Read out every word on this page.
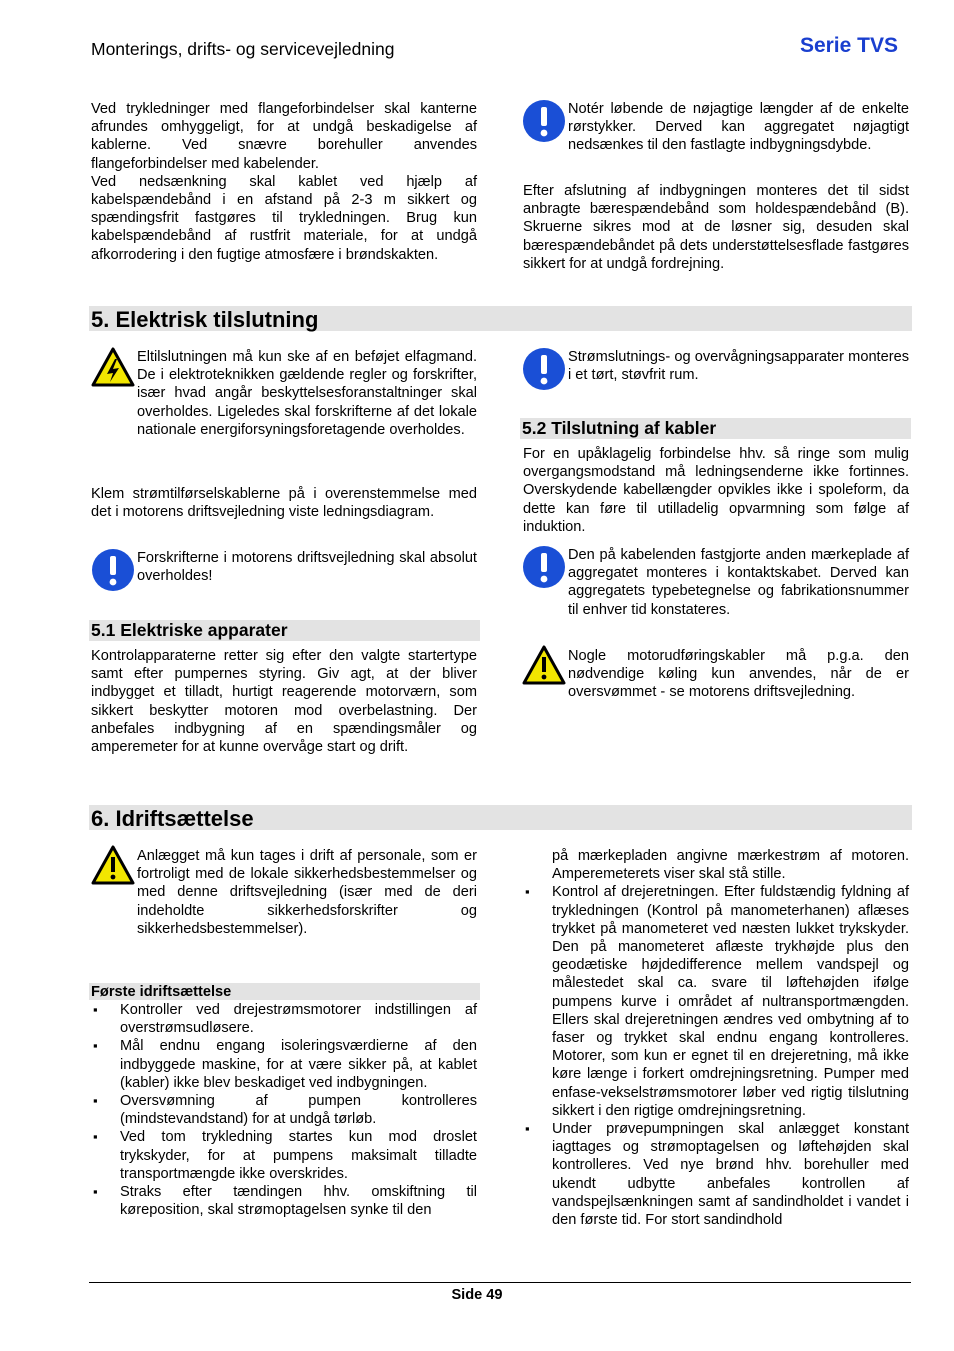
Monterings, drifts- og servicevejledning	Serie TVS

Ved trykledninger med flangeforbindelser skal kanterne afrundes omhyggeligt, for at undgå beskadigelse af kablerne. Ved snævre borehuller anvendes flangeforbindelser med kabelender.

Ved nedsænkning skal kablet ved hjælp af kabelspændebånd i en afstand på 2-3 m sikkert og spændingsfrit fastgøres til trykledningen. Brug kun kabelspændebånd af rustfrit materiale, for at undgå afkorrodering i den fugtige atmosfære i brøndskakten.

Notér løbende de nøjagtige længder af de enkelte rørstykker. Derved kan aggregatet nøjagtigt nedsænkes til den fastlagte indbygningsdybde.

Efter afslutning af indbygningen monteres det til sidst anbragte bærespændebånd som holdespændebånd (B). Skruerne sikres mod at de løsner sig, desuden skal bærespændebåndet på dets understøttelsesflade fastgøres sikkert for at undgå fordrejning.

5. Elektrisk tilslutning

Eltilslutningen må kun ske af en beføjet elfagmand. De i elektroteknikken gældende regler og forskrifter, især hvad angår beskyttelsesforanstaltninger skal overholdes. Ligeledes skal forskrifterne af det lokale nationale energiforsyningsforetagende overholdes.

Klem strømtilførselskablerne på i overenstemmelse med det i motorens driftsvejledning viste ledningsdiagram.

Forskrifterne i motorens driftsvejledning skal absolut overholdes!

5.1 Elektriske apparater

Kontrolapparaterne retter sig efter den valgte startertype samt efter pumpernes styring. Giv agt, at der bliver indbygget et tilladt, hurtigt reagerende motorværn, som sikkert beskytter motoren mod overbelastning. Der anbefales indbygning af en spændingsmåler og amperemeter for at kunne overvåge start og drift.

Strømslutnings- og overvågningsapparater monteres i et tørt, støvfrit rum.

5.2 Tilslutning af kabler

For en upåklagelig forbindelse hhv. så ringe som mulig overgangsmodstand må ledningsenderne ikke fortinnes. Overskydende kabellængder opvikles ikke i spoleform, da dette kan føre til utilladelig opvarmning som følge af induktion.

Den på kabelenden fastgjorte anden mærkeplade af aggregatet monteres i kontaktskabet. Derved kan aggregatets typebetegnelse og fabrikationsnummer til enhver tid konstateres.

Nogle motorudføringskabler må p.g.a. den nødvendige køling kun anvendes, når de er oversvømmet - se motorens driftsvejledning.

6. Idriftsættelse

Anlægget må kun tages i drift af personale, som er fortroligt med de lokale sikkerhedsbestemmelser og med denne driftsvejledning (især med de deri indeholdte sikkerhedsforskrifter og sikkerhedsbestemmelser).

Første idriftsættelse
▪ Kontroller ved drejestrømsmotorer indstillingen af overstrømsudløsere.
▪ Mål endnu engang isoleringsværdierne af den indbyggede maskine, for at være sikker på, at kablet (kabler) ikke blev beskadiget ved indbygningen.
▪ Oversvømning af pumpen kontrolleres (mindstevandstand) for at undgå tørløb.
▪ Ved tom trykledning startes kun mod droslet trykskyder, for at pumpens maksimalt tilladte transportmængde ikke overskrides.
▪ Straks efter tændingen hhv. omskiftning til køreposition, skal strømoptagelsen synke til den

på mærkepladen angivne mærkestrøm af motoren. Amperemeterets viser skal stå stille.

▪ Kontrol af drejeretningen. Efter fuldstændig fyldning af trykledningen (Kontrol på manometerhanen) aflæses trykket på manometeret ved næsten lukket trykskyder. Den på manometeret aflæste trykhøjde plus den geodætiske højdedifference mellem vandspejl og målestedet skal ca. svare til løftehøjden ifølge pumpens kurve i området af nultransportmængden. Ellers skal drejeretningen ændres ved ombytning af to faser og trykket skal endnu engang kontrolleres. Motorer, som kun er egnet til en drejeretning, må ikke køre længe i forkert omdrejningsretning. Pumper med enfase-vekselstrømsmotorer løber ved rigtig tilslutning sikkert i den rigtige omdrejningsretning.
▪ Under prøvepumpningen skal anlægget konstant iagttages og strømoptagelsen og løftehøjden skal kontrolleres. Ved nye brønd hhv. borehuller med ukendt udbytte anbefales kontrollen af vandspejlsænkningen samt af sandindholdet i vandet i den første tid. For stort sandindhold
Side 49
